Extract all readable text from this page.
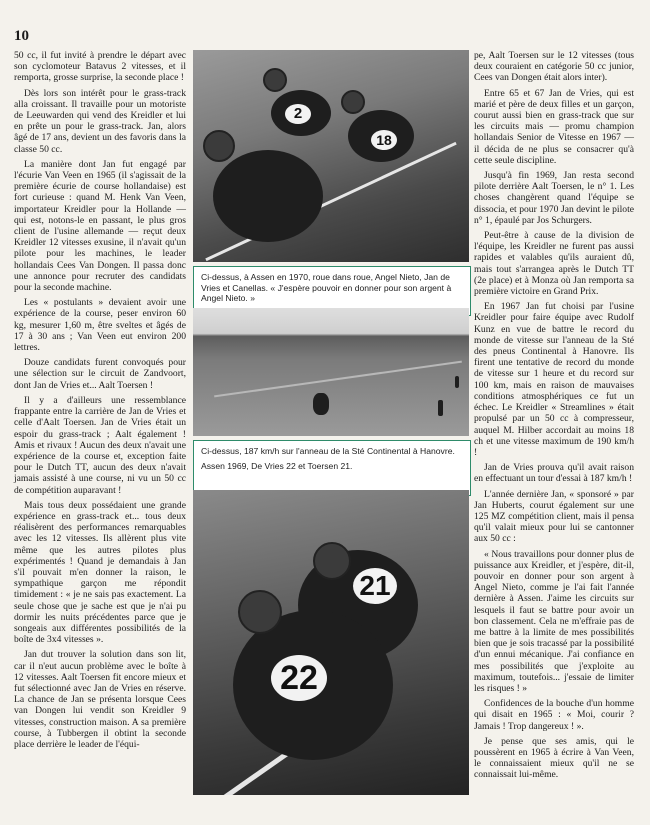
10

50 cc, il fut invité à prendre le départ avec son cyclomoteur Batavus 2 vitesses, et il remporta, grosse surprise, la seconde place !

Dès lors son intérêt pour le grass-track alla croissant. Il travaille pour un motoriste de Leeuwarden qui vend des Kreidler et lui en prête un pour le grass-track. Jan, alors âgé de 17 ans, devient un des favoris dans la classe 50 cc.

La manière dont Jan fut engagé par l'écurie Van Veen en 1965 (il s'agissait de la première écurie de course hollandaise) est fort curieuse : quand M. Henk Van Veen, importateur Kreidler pour la Hollande — qui est, notons-le en passant, le plus gros client de l'usine allemande — reçut deux Kreidler 12 vitesses exusine, il n'avait qu'un pilote pour les machines, le leader hollandais Cees Van Dongen. Il passa donc une annonce pour recruter des candidats pour la seconde machine.

Les « postulants » devaient avoir une expérience de la course, peser environ 60 kg, mesurer 1,60 m, être sveltes et âgés de 17 à 30 ans ; Van Veen eut environ 200 lettres.

Douze candidats furent convoqués pour une sélection sur le circuit de Zandvoort, dont Jan de Vries et... Aalt Toersen !

Il y a d'ailleurs une ressemblance frappante entre la carrière de Jan de Vries et celle d'Aalt Toersen. Jan de Vries était un espoir du grass-track ; Aalt également ! Amis et rivaux ! Aucun des deux n'avait une expérience de la course et, exception faite pour le Dutch TT, aucun des deux n'avait jamais assisté à une course, ni vu un 50 cc de compétition auparavant !

Mais tous deux possédaient une grande expérience en grass-track et... tous deux réalisèrent des performances remarquables avec les 12 vitesses. Ils allèrent plus vite même que les autres pilotes plus expérimentés ! Quand je demandais à Jan s'il pouvait m'en donner la raison, le sympathique garçon me répondit timidement : « je ne sais pas exactement. La seule chose que je sache est que je n'ai pu dormir les nuits précédentes parce que je songeais aux différentes possibilités de la boîte de 3x4 vitesses ».

Jan dut trouver la solution dans son lit, car il n'eut aucun problème avec le boîte à 12 vitesses. Aalt Toersen fit encore mieux et fut sélectionné avec Jan de Vries en réserve. La chance de Jan se présenta lorsque Cees van Dongen lui vendit son Kreidler 9 vitesses, construction maison. A sa première course, à Tubbergen il obtint la seconde place derrière le leader de l'équi-

2
18
Ci-dessus, à Assen en 1970, roue dans roue, Angel Nieto, Jan de Vries et Canellas. « J'espère pouvoir en donner pour son argent à Angel Nieto. »

Ci-dessus, 187 km/h sur l'anneau de la Sté Continental à Hanovre.

Assen 1969, De Vries 22 et Toersen 21.

21
22

pe, Aalt Toersen sur le 12 vitesses (tous deux couraient en catégorie 50 cc junior, Cees van Dongen était alors inter).

Entre 65 et 67 Jan de Vries, qui est marié et père de deux filles et un garçon, courut aussi bien en grass-track que sur les circuits mais — promu champion hollandais Senior de Vitesse en 1967 — il décida de ne plus se consacrer qu'à cette seule discipline.

Jusqu'à fin 1969, Jan resta second pilote derrière Aalt Toersen, le n° 1. Les choses changèrent quand l'équipe se dissocia, et pour 1970 Jan devint le pilote n° 1, épaulé par Jos Schurgers.

Peut-être à cause de la division de l'équipe, les Kreidler ne furent pas aussi rapides et valables qu'ils auraient dû, mais tout s'arrangea après le Dutch TT (2e place) et à Monza où Jan remporta sa première victoire en Grand Prix.

En 1967 Jan fut choisi par l'usine Kreidler pour faire équipe avec Rudolf Kunz en vue de battre le record du monde de vitesse sur l'anneau de la Sté des pneus Continental à Hanovre. Ils firent une tentative de record du monde de vitesse sur 1 heure et du record sur 100 km, mais en raison de mauvaises conditions atmosphériques ce fut un échec. Le Kreidler « Streamlines » était propulsé par un 50 cc à compresseur, auquel M. Hilber accordait au moins 18 ch et une vitesse maximum de 190 km/h !

Jan de Vries prouva qu'il avait raison en effectuant un tour d'essai à 187 km/h !

L'année dernière Jan, « sponsoré » par Jan Huberts, courut également sur une 125 MZ compétition client, mais il pensa qu'il valait mieux pour lui se cantonner aux 50 cc :

« Nous travaillons pour donner plus de puissance aux Kreidler, et j'espère, dit-il, pouvoir en donner pour son argent à Angel Nieto, comme je l'ai fait l'année dernière à Assen. J'aime les circuits sur lesquels il faut se battre pour avoir un bon classement. Cela ne m'effraie pas de me battre à la limite de mes possibilités bien que je sois tracassé par la possibilité d'un ennui mécanique. J'ai confiance en mes possibilités que j'exploite au maximum, toutefois... j'essaie de limiter les risques ! »

Confidences de la bouche d'un homme qui disait en 1965 : « Moi, courir ? Jamais ! Trop dangereux ! ».

Je pense que ses amis, qui le poussèrent en 1965 à écrire à Van Veen, le connaissaient mieux qu'il ne se connaissait lui-même.
